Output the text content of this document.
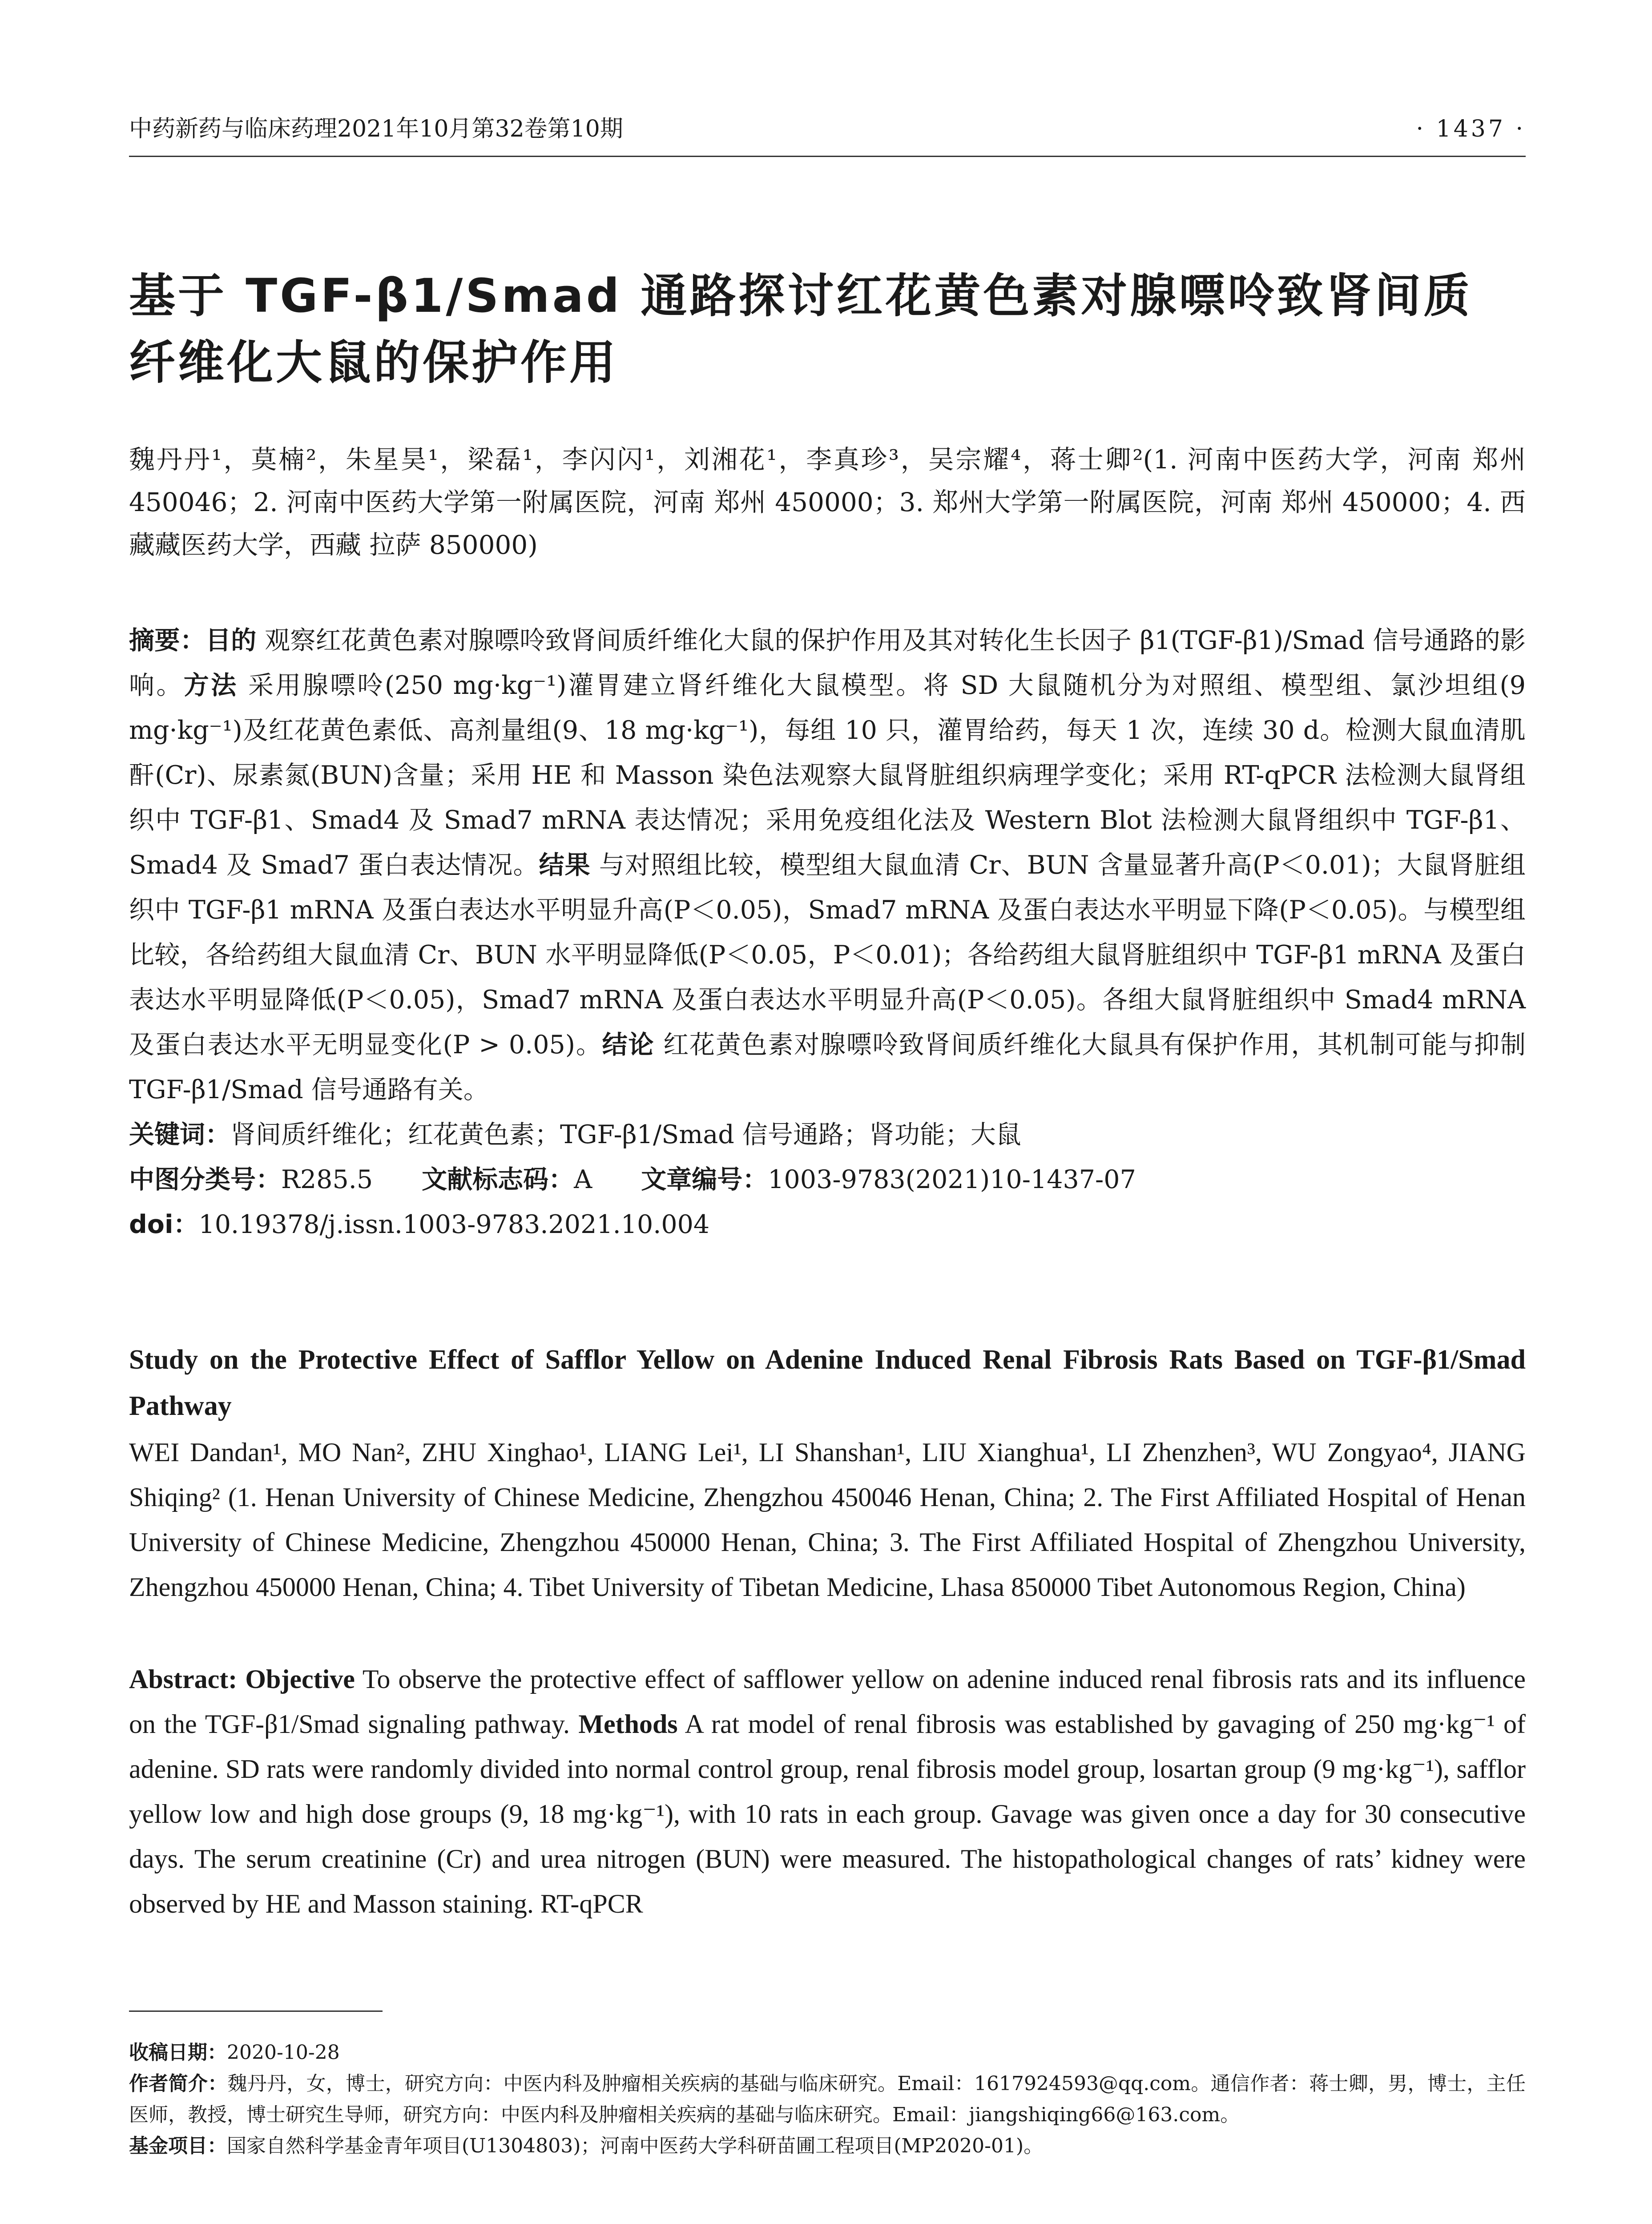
中药新药与临床药理2021年10月第32卷第10期	· 1437 ·
基于 TGF-β1/Smad 通路探讨红花黄色素对腺嘌呤致肾间质
纤维化大鼠的保护作用
魏丹丹¹，莫楠²，朱星昊¹，梁磊¹，李闪闪¹，刘湘花¹，李真珍³，吴宗耀⁴，蒋士卿²(1. 河南中医药大学，河南 郑州 450046；2. 河南中医药大学第一附属医院，河南 郑州 450000；3. 郑州大学第一附属医院，河南 郑州 450000；4. 西藏藏医药大学，西藏 拉萨 850000)
摘要：目的 观察红花黄色素对腺嘌呤致肾间质纤维化大鼠的保护作用及其对转化生长因子 β1(TGF-β1)/Smad 信号通路的影响。方法 采用腺嘌呤(250 mg·kg⁻¹)灌胃建立肾纤维化大鼠模型。将 SD 大鼠随机分为对照组、模型组、氯沙坦组(9 mg·kg⁻¹)及红花黄色素低、高剂量组(9、18 mg·kg⁻¹)，每组 10 只，灌胃给药，每天 1 次，连续 30 d。检测大鼠血清肌酐(Cr)、尿素氮(BUN)含量；采用 HE 和 Masson 染色法观察大鼠肾脏组织病理学变化；采用 RT-qPCR 法检测大鼠肾组织中 TGF-β1、Smad4 及 Smad7 mRNA 表达情况；采用免疫组化法及 Western Blot 法检测大鼠肾组织中 TGF-β1、Smad4 及 Smad7 蛋白表达情况。结果 与对照组比较，模型组大鼠血清 Cr、BUN 含量显著升高(P＜0.01)；大鼠肾脏组织中 TGF-β1 mRNA 及蛋白表达水平明显升高(P＜0.05)，Smad7 mRNA 及蛋白表达水平明显下降(P＜0.05)。与模型组比较，各给药组大鼠血清 Cr、BUN 水平明显降低(P＜0.05，P＜0.01)；各给药组大鼠肾脏组织中 TGF-β1 mRNA 及蛋白表达水平明显降低(P＜0.05)，Smad7 mRNA 及蛋白表达水平明显升高(P＜0.05)。各组大鼠肾脏组织中 Smad4 mRNA 及蛋白表达水平无明显变化(P > 0.05)。结论 红花黄色素对腺嘌呤致肾间质纤维化大鼠具有保护作用，其机制可能与抑制 TGF-β1/Smad 信号通路有关。
关键词：肾间质纤维化；红花黄色素；TGF-β1/Smad 信号通路；肾功能；大鼠
中图分类号：R285.5 文献标志码：A 文章编号：1003-9783(2021)10-1437-07
doi：10.19378/j.issn.1003-9783.2021.10.004
Study on the Protective Effect of Safflor Yellow on Adenine Induced Renal Fibrosis Rats Based on TGF-β1/Smad Pathway
WEI Dandan¹, MO Nan², ZHU Xinghao¹, LIANG Lei¹, LI Shanshan¹, LIU Xianghua¹, LI Zhenzhen³, WU Zongyao⁴, JIANG Shiqing² (1. Henan University of Chinese Medicine, Zhengzhou 450046 Henan, China; 2. The First Affiliated Hospital of Henan University of Chinese Medicine, Zhengzhou 450000 Henan, China; 3. The First Affiliated Hospital of Zhengzhou University, Zhengzhou 450000 Henan, China; 4. Tibet University of Tibetan Medicine, Lhasa 850000 Tibet Autonomous Region, China)
Abstract: Objective To observe the protective effect of safflower yellow on adenine induced renal fibrosis rats and its influence on the TGF-β1/Smad signaling pathway. Methods A rat model of renal fibrosis was established by gavaging of 250 mg·kg⁻¹ of adenine. SD rats were randomly divided into normal control group, renal fibrosis model group, losartan group (9 mg·kg⁻¹), safflor yellow low and high dose groups (9, 18 mg·kg⁻¹), with 10 rats in each group. Gavage was given once a day for 30 consecutive days. The serum creatinine (Cr) and urea nitrogen (BUN) were measured. The histopathological changes of rats’ kidney were observed by HE and Masson staining. RT-qPCR
收稿日期：2020-10-28
作者简介：魏丹丹，女，博士，研究方向：中医内科及肿瘤相关疾病的基础与临床研究。Email：1617924593@qq.com。通信作者：蒋士卿，男，博士，主任医师，教授，博士研究生导师，研究方向：中医内科及肿瘤相关疾病的基础与临床研究。Email：jiangshiqing66@163.com。
基金项目：国家自然科学基金青年项目(U1304803)；河南中医药大学科研苗圃工程项目(MP2020-01)。
